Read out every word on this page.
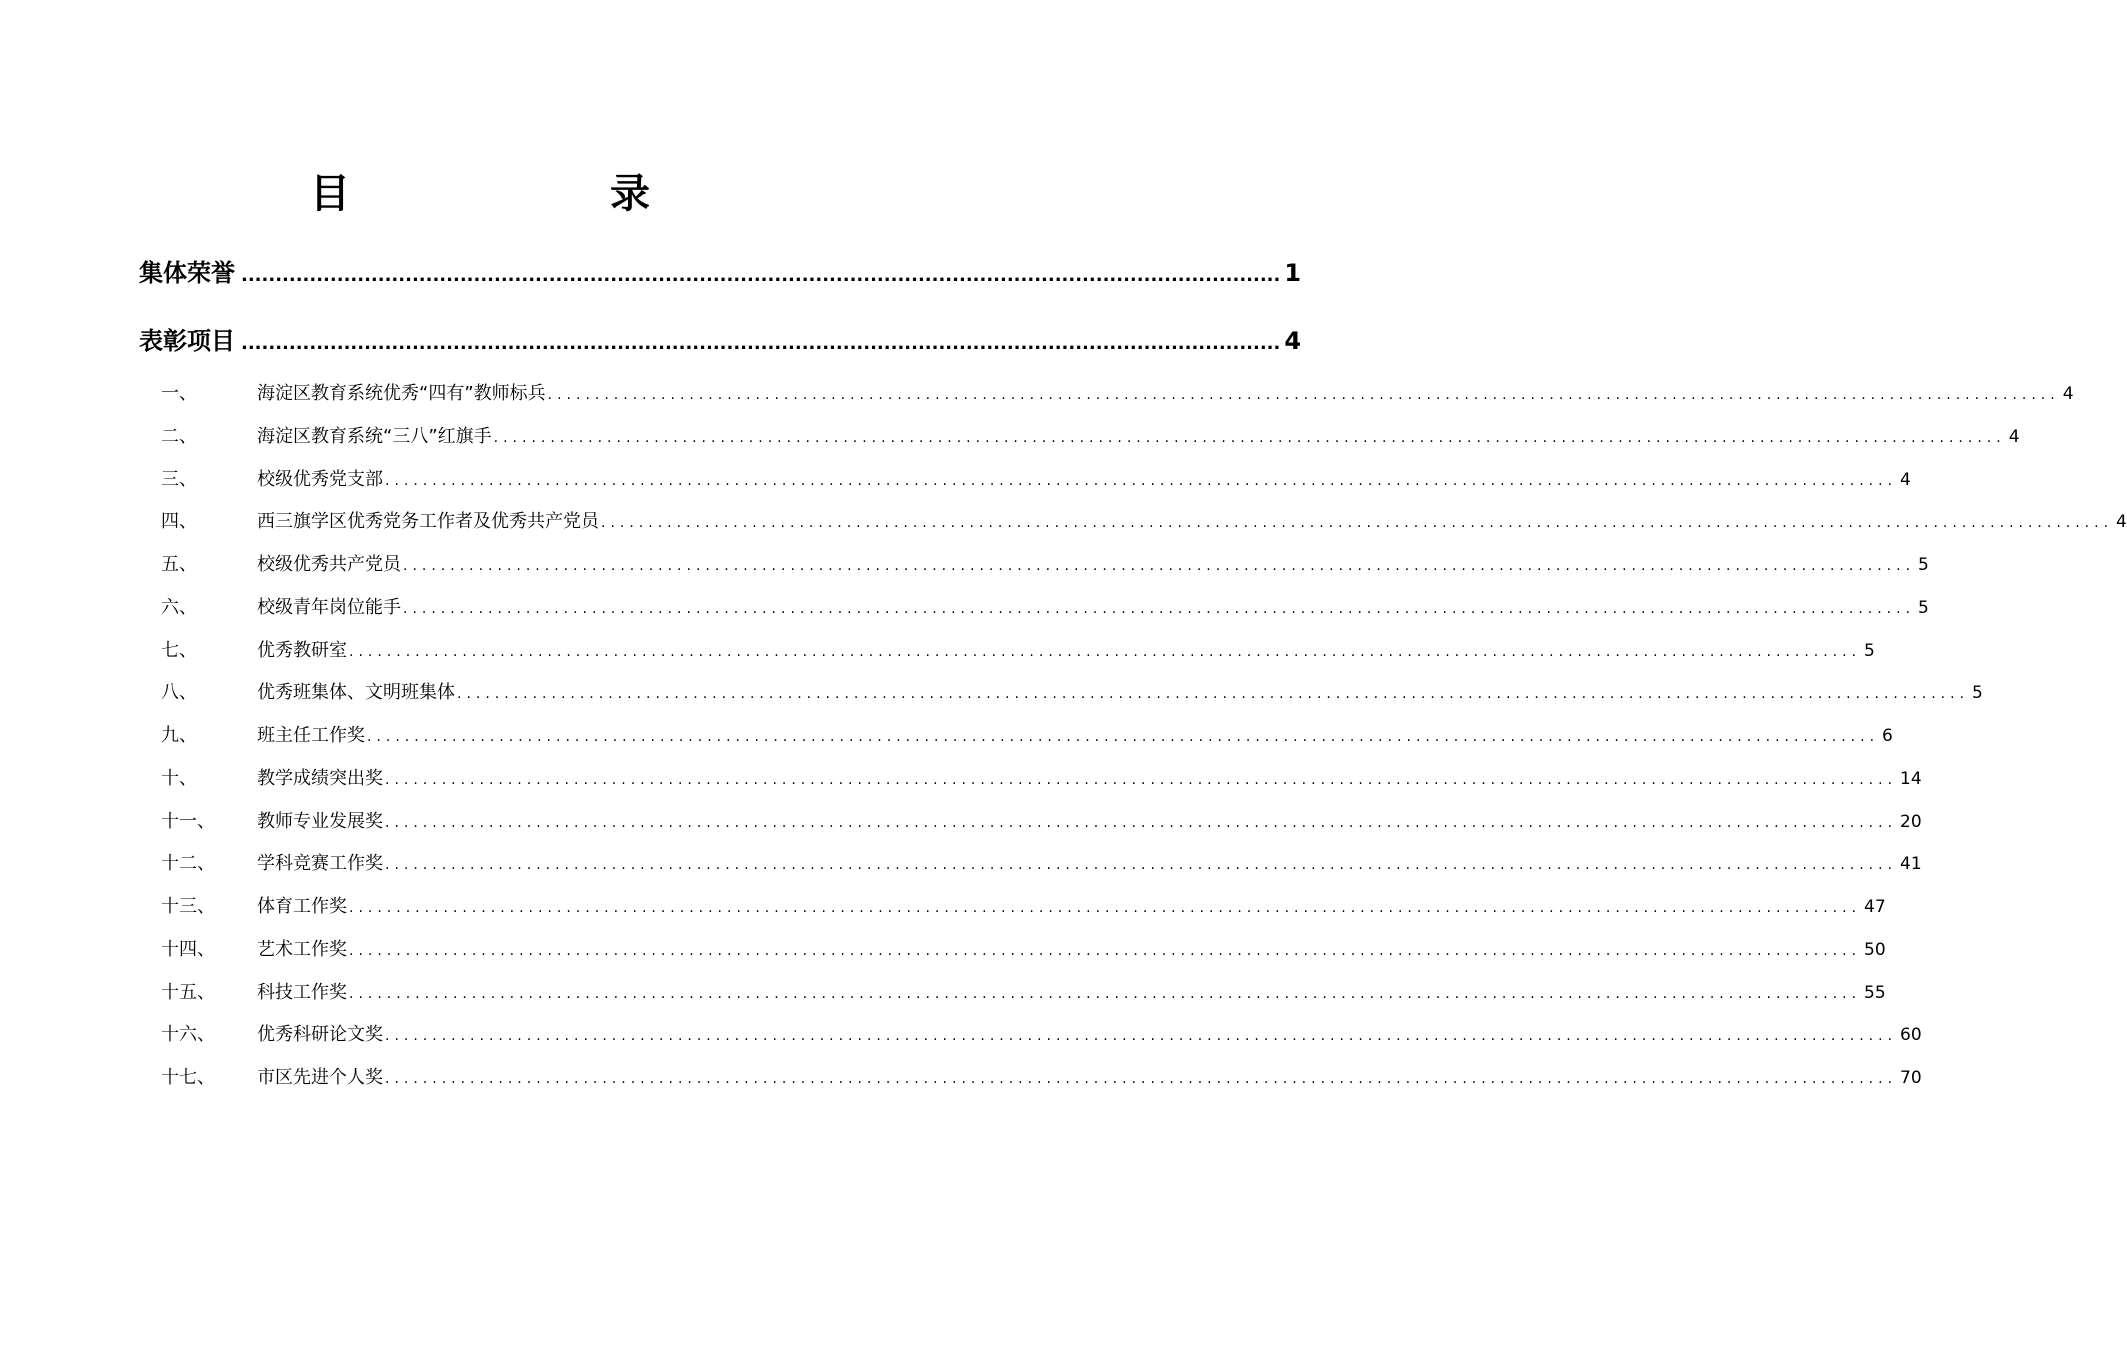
目　　录
集体荣誉 ........................................................................................................................................................ 1
表彰项目 ........................................................................................................................................................ 4
一、	海淀区教育系统优秀“四有”教师标兵 ................................................................................................................................................................ 4
二、	海淀区教育系统“三八”红旗手 ................................................................................................................................................................ 4
三、	校级优秀党支部 ................................................................................................................................................................ 4
四、	西三旗学区优秀党务工作者及优秀共产党员 ................................................................................................................................................................ 4
五、	校级优秀共产党员 ................................................................................................................................................................ 5
六、	校级青年岗位能手 ................................................................................................................................................................ 5
七、	优秀教研室 ................................................................................................................................................................ 5
八、	优秀班集体、文明班集体 ................................................................................................................................................................ 5
九、	班主任工作奖 ................................................................................................................................................................ 6
十、	教学成绩突出奖 ................................................................................................................................................................ 14
十一、	教师专业发展奖 ................................................................................................................................................................ 20
十二、	学科竞赛工作奖 ................................................................................................................................................................ 41
十三、	体育工作奖 ................................................................................................................................................................ 47
十四、	艺术工作奖 ................................................................................................................................................................ 50
十五、	科技工作奖 ................................................................................................................................................................ 55
十六、	优秀科研论文奖 ................................................................................................................................................................ 60
十七、	市区先进个人奖 ................................................................................................................................................................ 70
